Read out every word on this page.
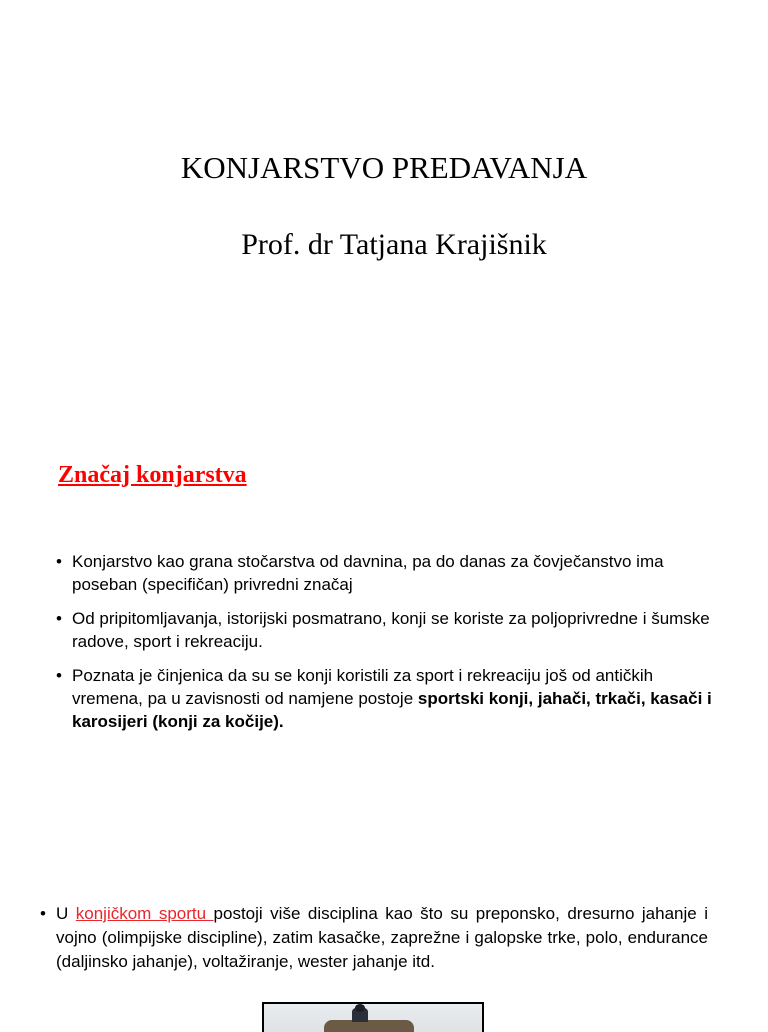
KONJARSTVO PREDAVANJA
Prof. dr Tatjana Krajišnik
Značaj konjarstva
• Konjarstvo kao grana stočarstva od davnina, pa do danas za čovječanstvo ima poseban (specifičan) privredni značaj
• Od pripitomljavanja, istorijski posmatrano, konji se koriste za poljoprivredne i šumske radove, sport i rekreaciju.
• Poznata je činjenica da su se konji koristili za sport i rekreaciju još od antičkih vremena, pa u zavisnosti od namjene postoje sportski konji, jahači, trkači, kasači i karosijeri (konji za kočije).
• U konjičkom sportu postoji više disciplina kao što su preponsko, dresurno jahanje i vojno (olimpijske discipline), zatim kasačke, zaprežne i galopske trke, polo, endurance (daljinsko jahanje), voltažiranje, wester jahanje itd.
